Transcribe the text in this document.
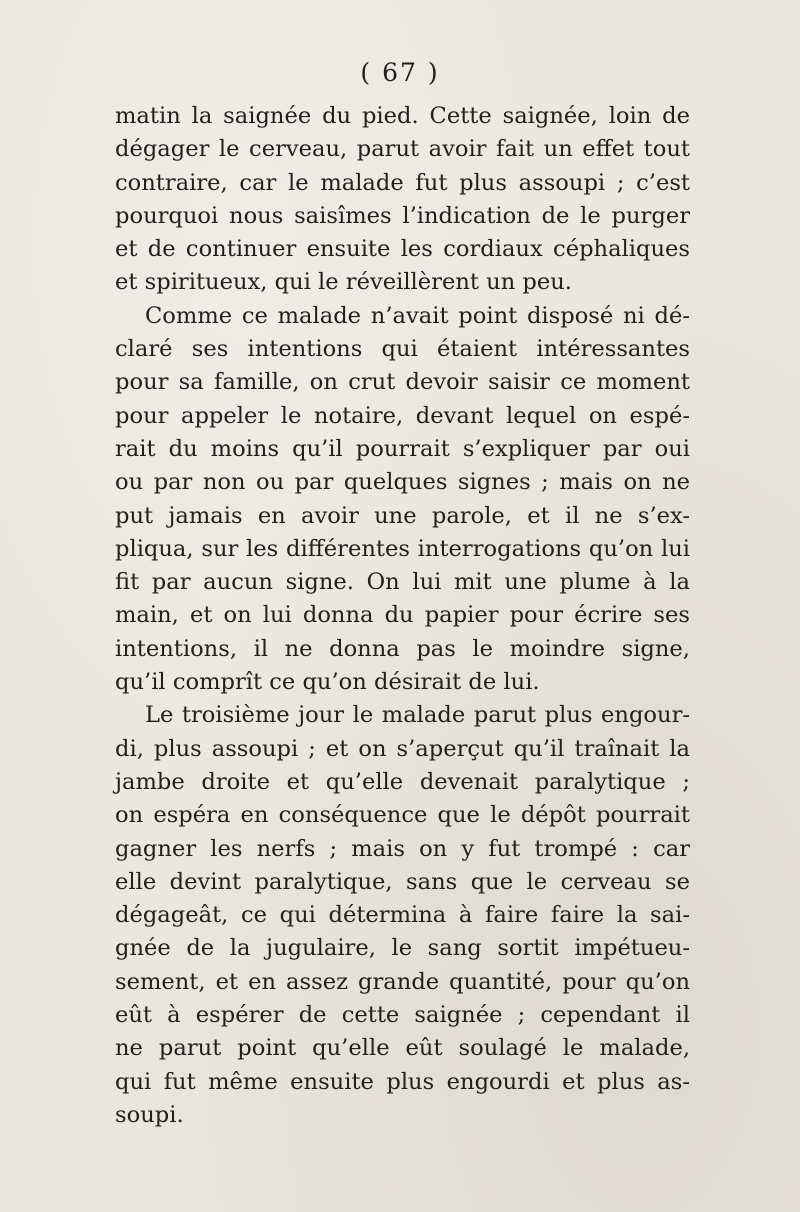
( 67 )
matin la saignée du pied. Cette saignée, loin de
dégager le cerveau, parut avoir fait un effet tout
contraire, car le malade fut plus assoupi ; c’est
pourquoi nous saisîmes l’indication de le purger
et de continuer ensuite les cordiaux céphaliques
et spiritueux, qui le réveillèrent un peu.
Comme ce malade n’avait point disposé ni dé-
claré ses intentions qui étaient intéressantes
pour sa famille, on crut devoir saisir ce moment
pour appeler le notaire, devant lequel on espé-
rait du moins qu’il pourrait s’expliquer par oui
ou par non ou par quelques signes ; mais on ne
put jamais en avoir une parole, et il ne s’ex-
pliqua, sur les différentes interrogations qu’on lui
fit par aucun signe. On lui mit une plume à la
main, et on lui donna du papier pour écrire ses
intentions, il ne donna pas le moindre signe,
qu’il comprît ce qu’on désirait de lui.
Le troisième jour le malade parut plus engour-
di, plus assoupi ; et on s’aperçut qu’il traînait la
jambe droite et qu’elle devenait paralytique ;
on espéra en conséquence que le dépôt pourrait
gagner les nerfs ; mais on y fut trompé : car
elle devint paralytique, sans que le cerveau se
dégageât, ce qui détermina à faire faire la sai-
gnée de la jugulaire, le sang sortit impétueu-
sement, et en assez grande quantité, pour qu’on
eût à espérer de cette saignée ; cependant il
ne parut point qu’elle eût soulagé le malade,
qui fut même ensuite plus engourdi et plus as-
soupi.
